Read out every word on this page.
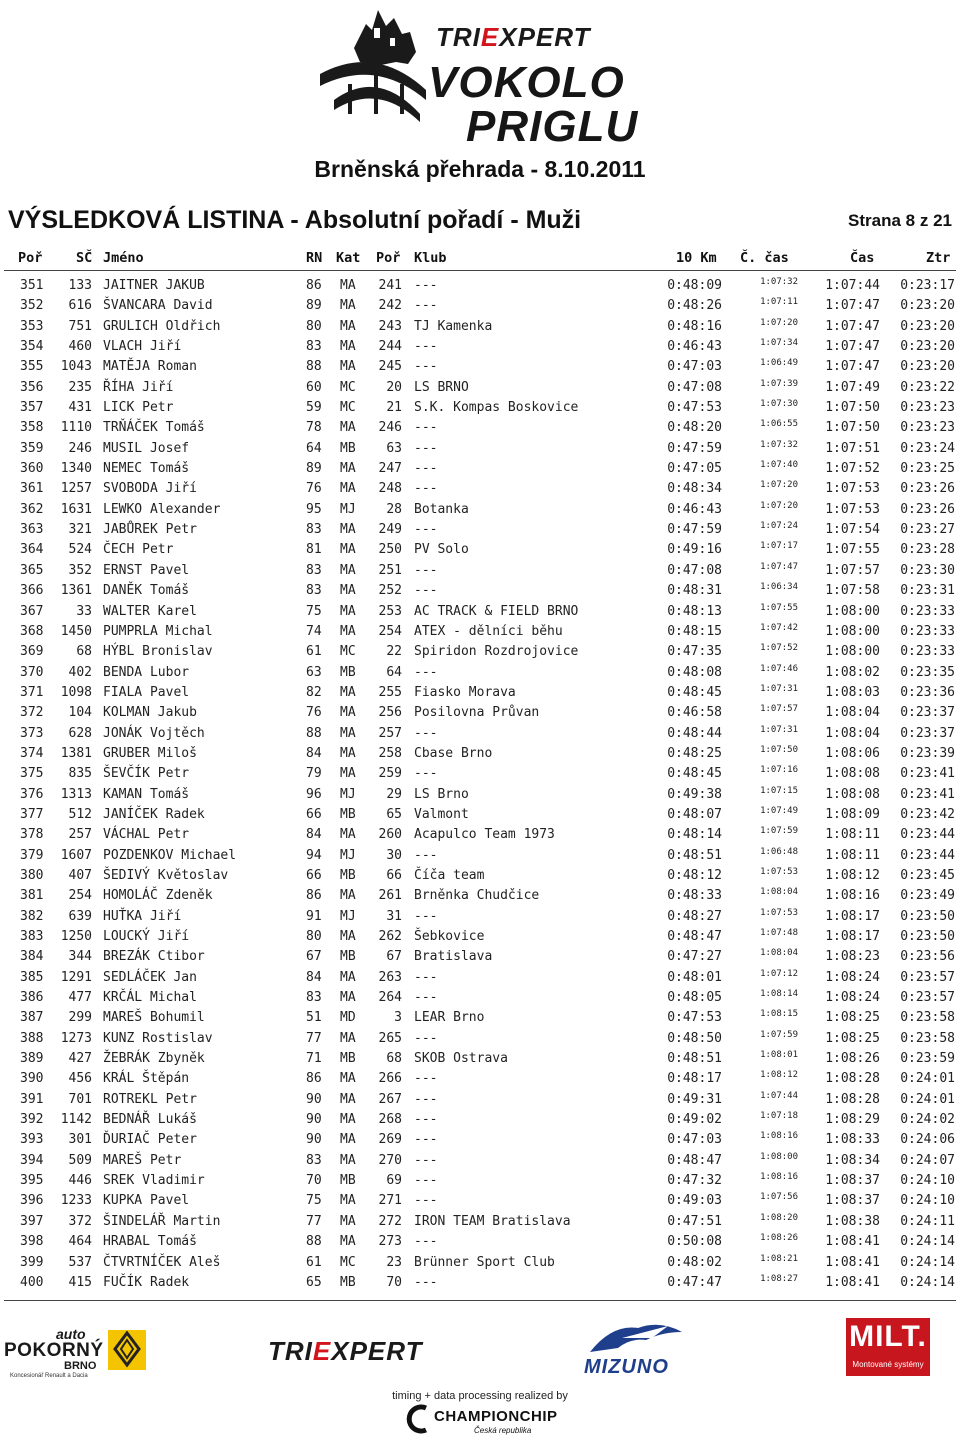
TRIEXPERT
VOKOLO
PRIGLU
Brněnská přehrada - 8.10.2011
VÝSLEDKOVÁ LISTINA - Absolutní pořadí - Muži	Strana 8 z 21
Poř SČ Jméno	RN Kat Poř Klub	10 Km Č. čas	Čas	Ztr
351	133 JAITNER JAKUB	86 MA	241 ---	0:48:09	1:07:32	1:07:44	0:23:17
352	616 ŠVANCARA David	89 MA	242 ---	0:48:26	1:07:11	1:07:47	0:23:20
353	751 GRULICH Oldřich	80 MA	243 TJ Kamenka	0:48:16	1:07:20	1:07:47	0:23:20
354	460 VLACH Jiří	83 MA	244 ---	0:46:43	1:07:34	1:07:47	0:23:20
355	1043 MATĚJA Roman	88 MA	245 ---	0:47:03	1:06:49	1:07:47	0:23:20
356	235 ŘÍHA Jiří	60 MC	20 LS BRNO	0:47:08	1:07:39	1:07:49	0:23:22
357	431 LICK Petr	59 MC	21 S.K. Kompas Boskovice	0:47:53	1:07:30	1:07:50	0:23:23
358	1110 TRŇÁČEK Tomáš	78 MA	246 ---	0:48:20	1:06:55	1:07:50	0:23:23
359	246 MUSIL Josef	64 MB	63 ---	0:47:59	1:07:32	1:07:51	0:23:24
360	1340 NEMEC Tomáš	89 MA	247 ---	0:47:05	1:07:40	1:07:52	0:23:25
361	1257 SVOBODA Jiří	76 MA	248 ---	0:48:34	1:07:20	1:07:53	0:23:26
362	1631 LEWKO Alexander	95 MJ	28 Botanka	0:46:43	1:07:20	1:07:53	0:23:26
363	321 JABŮREK Petr	83 MA	249 ---	0:47:59	1:07:24	1:07:54	0:23:27
364	524 ČECH Petr	81 MA	250 PV Solo	0:49:16	1:07:17	1:07:55	0:23:28
365	352 ERNST Pavel	83 MA	251 ---	0:47:08	1:07:47	1:07:57	0:23:30
366	1361 DANĚK Tomáš	83 MA	252 ---	0:48:31	1:06:34	1:07:58	0:23:31
367	33 WALTER Karel	75 MA	253 AC TRACK & FIELD BRNO	0:48:13	1:07:55	1:08:00	0:23:33
368	1450 PUMPRLA Michal	74 MA	254 ATEX - dělníci běhu	0:48:15	1:07:42	1:08:00	0:23:33
369	68 HÝBL Bronislav	61 MC	22 Spiridon Rozdrojovice	0:47:35	1:07:52	1:08:00	0:23:33
370	402 BENDA Lubor	63 MB	64 ---	0:48:08	1:07:46	1:08:02	0:23:35
371	1098 FIALA Pavel	82 MA	255 Fiasko Morava	0:48:45	1:07:31	1:08:03	0:23:36
372	104 KOLMAN Jakub	76 MA	256 Posilovna Průvan	0:46:58	1:07:57	1:08:04	0:23:37
373	628 JONÁK Vojtěch	88 MA	257 ---	0:48:44	1:07:31	1:08:04	0:23:37
374	1381 GRUBER Miloš	84 MA	258 Cbase Brno	0:48:25	1:07:50	1:08:06	0:23:39
375	835 ŠEVČÍK Petr	79 MA	259 ---	0:48:45	1:07:16	1:08:08	0:23:41
376	1313 KAMAN Tomáš	96 MJ	29 LS Brno	0:49:38	1:07:15	1:08:08	0:23:41
377	512 JANÍČEK Radek	66 MB	65 Valmont	0:48:07	1:07:49	1:08:09	0:23:42
378	257 VÁCHAL Petr	84 MA	260 Acapulco Team 1973	0:48:14	1:07:59	1:08:11	0:23:44
379	1607 POZDENKOV Michael	94 MJ	30 ---	0:48:51	1:06:48	1:08:11	0:23:44
380	407 ŠEDIVÝ Květoslav	66 MB	66 Číča team	0:48:12	1:07:53	1:08:12	0:23:45
381	254 HOMOLÁČ Zdeněk	86 MA	261 Brněnka Chudčice	0:48:33	1:08:04	1:08:16	0:23:49
382	639 HUŤKA Jiří	91 MJ	31 ---	0:48:27	1:07:53	1:08:17	0:23:50
383	1250 LOUCKÝ Jiří	80 MA	262 Šebkovice	0:48:47	1:07:48	1:08:17	0:23:50
384	344 BREZÁK Ctibor	67 MB	67 Bratislava	0:47:27	1:08:04	1:08:23	0:23:56
385	1291 SEDLÁČEK Jan	84 MA	263 ---	0:48:01	1:07:12	1:08:24	0:23:57
386	477 KRČÁL Michal	83 MA	264 ---	0:48:05	1:08:14	1:08:24	0:23:57
387	299 MAREŠ Bohumil	51 MD	3 LEAR Brno	0:47:53	1:08:15	1:08:25	0:23:58
388	1273 KUNZ Rostislav	77 MA	265 ---	0:48:50	1:07:59	1:08:25	0:23:58
389	427 ŽEBRÁK Zbyněk	71 MB	68 SKOB Ostrava	0:48:51	1:08:01	1:08:26	0:23:59
390	456 KRÁL Štěpán	86 MA	266 ---	0:48:17	1:08:12	1:08:28	0:24:01
391	701 ROTREKL Petr	90 MA	267 ---	0:49:31	1:07:44	1:08:28	0:24:01
392	1142 BEDNÁŘ Lukáš	90 MA	268 ---	0:49:02	1:07:18	1:08:29	0:24:02
393	301 ĎURIAČ Peter	90 MA	269 ---	0:47:03	1:08:16	1:08:33	0:24:06
394	509 MAREŠ Petr	83 MA	270 ---	0:48:47	1:08:00	1:08:34	0:24:07
395	446 SREK Vladimir	70 MB	69 ---	0:47:32	1:08:16	1:08:37	0:24:10
396	1233 KUPKA Pavel	75 MA	271 ---	0:49:03	1:07:56	1:08:37	0:24:10
397	372 ŠINDELÁŘ Martin	77 MA	272 IRON TEAM Bratislava	0:47:51	1:08:20	1:08:38	0:24:11
398	464 HRABAL Tomáš	88 MA	273 ---	0:50:08	1:08:26	1:08:41	0:24:14
399	537 ČTVRTNÍČEK Aleš	61 MC	23 Brünner Sport Club	0:48:02	1:08:21	1:08:41	0:24:14
400	415 FUČÍK Radek	65 MB	70 ---	0:47:47	1:08:27	1:08:41	0:24:14
auto
POKORNÝ
BRNO
Koncesionář Renault a Dacia
TRIEXPERT
MIZUNO
MILT.
Montované systémy
timing + data processing realized by
CHAMPIONCHIP
Česká republika
